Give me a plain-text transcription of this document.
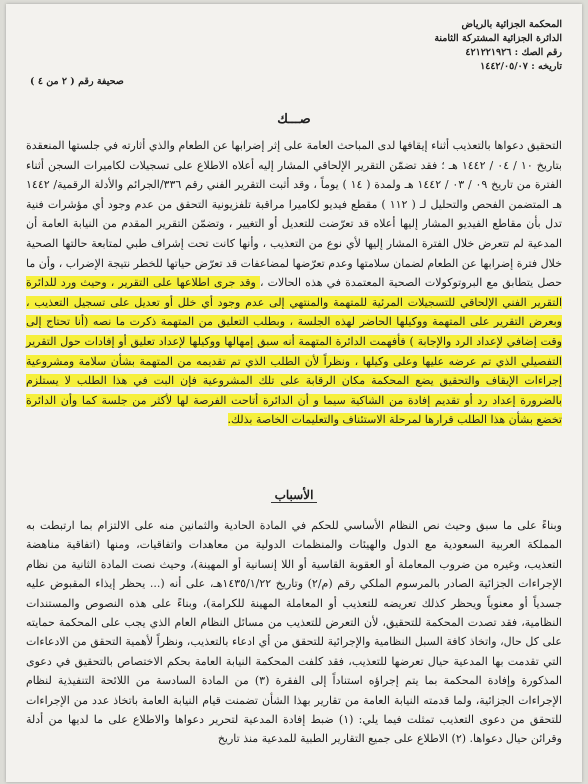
المحكمة الجزائية بالرياض
الدائرة الجزائية المشتركة الثامنة
رقم الصك : ٤٢١٢٢١٩٢٦
تاريخه : ١٤٤٢/٠٥/٠٧
صحيفة رقم ( ٢ من ٤ )
صـــك

التحقيق دعواها بالتعذيب أثناء إيقافها لدى المباحث العامة على إثر إضرابها عن الطعام والذي أثارته في جلستها المنعقدة بتاريخ ١٠ / ٠٤ / ١٤٤٢ هـ ؛ فقد تضمّن التقرير الإلحاقي المشار إليه أعلاه الاطلاع على تسجيلات لكاميرات السجن أثناء الفترة من تاريخ ٠٩ / ٠٣ / ١٤٤٢ هـ ولمدة ( ١٤ ) يوماً ، وقد أثبت التقرير الفني رقم ٣٣٦/الجرائم والأدلة الرقمية/ ١٤٤٢ هـ المتضمن الفحص والتحليل لـ ( ١١٢ ) مقطع فيديو لكاميرا مراقبة تلفزيونية التحقق من عدم وجود أي مؤشرات فنية تدل بأن مقاطع الفيديو المشار إليها أعلاه قد تعرّضت للتعديل أو التغيير ، وتضمّن التقرير المقدم من النيابة العامة أن المدعية لم تتعرض خلال الفترة المشار إليها لأي نوع من التعذيب ، وأنها كانت تحت إشراف طبي لمتابعة حالتها الصحية خلال فترة إضرابها عن الطعام لضمان سلامتها وعدم تعرّضها لمضاعفات قد تعرّض حياتها للخطر نتيجة الإضراب ، وأن ما حصل يتطابق مع البروتوكولات الصحية المعتمدة في هذه الحالات ، وقد جرى اطلاعها على التقرير ، وحيث ورد للدائرة التقرير الفني الإلحاقي للتسجيلات المرئية للمتهمة والمنتهي إلى عدم وجود أي خلل أو تعديل على تسجيل التعذيب ، وبعرض التقرير على المتهمة ووكيلها الحاضر لهذه الجلسة ، وبطلب التعليق من المتهمة ذكرت ما نصه (أنا تحتاج إلى وقت إضافي لإعداد الرد والإجابة ) فأفهمت الدائرة المتهمة أنه سبق إمهالها ووكيلها لإعداد تعليق أو إفادات حول التقرير التفصيلي الذي تم عرضه عليها وعلى وكيلها ، ونظراً لأن الطلب الذي تم تقديمه من المتهمة بشأن سلامة ومشروعية إجراءات الإيقاف والتحقيق يضع المحكمة مكان الرقابة على تلك المشروعية فإن البت في هذا الطلب لا يستلزم بالضرورة إعداد رد أو تقديم إفادة من الشاكية سيما و أن الدائرة أتاحت الفرصة لها لأكثر من جلسة كما وأن الدائرة تخضع بشأن هذا الطلب قرارها لمرحلة الاستئناف والتعليمات الخاصة بذلك.

الأسباب

وبناءً على ما سبق وحيث نص النظام الأساسي للحكم في المادة الحادية والثمانين منه على الالتزام بما ارتبطت به المملكة العربية السعودية مع الدول والهيئات والمنظمات الدولية من معاهدات واتفاقيات، ومنها (اتفاقية مناهضة التعذيب، وغيره من ضروب المعاملة أو العقوبة القاسية أو اللا إنسانية أو المهينة)، وحيث نصت المادة الثانية من نظام الإجراءات الجزائية الصادر بالمرسوم الملكي رقم (م/٢) وتاريخ ١٤٣٥/١/٢٢هـ، على أنه (... يحظر إيذاء المقبوض عليه جسدياً أو معنوياً ويحظر كذلك تعريضه للتعذيب أو المعاملة المهينة للكرامة)، وبناءً على هذه النصوص والمستندات النظامية، فقد تصدت المحكمة للتحقيق، لأن التعرض للتعذيب من مسائل النظام العام الذي يجب على المحكمة حمايته على كل حال، واتخاذ كافة السبل النظامية والإجرائية للتحقق من أي ادعاء بالتعذيب، ونظراً لأهمية التحقق من الادعاءات التي تقدمت بها المدعية حيال تعرضها للتعذيب، فقد كلفت المحكمة النيابة العامة بحكم الاختصاص بالتحقيق في دعوى المذكورة وإفادة المحكمة بما يتم إجراؤه استناداً إلى الفقرة (٣) من المادة السادسة من اللائحة التنفيذية لنظام الإجراءات الجزائية، ولما قدمته النيابة العامة من تقارير بهذا الشأن تضمنت قيام النيابة العامة باتخاذ عدد من الإجراءات للتحقق من دعوى التعذيب تمثلت فيما يلي: (١) ضبط إفادة المدعية لتحرير دعواها والاطلاع على ما لديها من أدلة وقرائن حيال دعواها. (٢) الاطلاع على جميع التقارير الطبية للمدعية منذ تاريخ
